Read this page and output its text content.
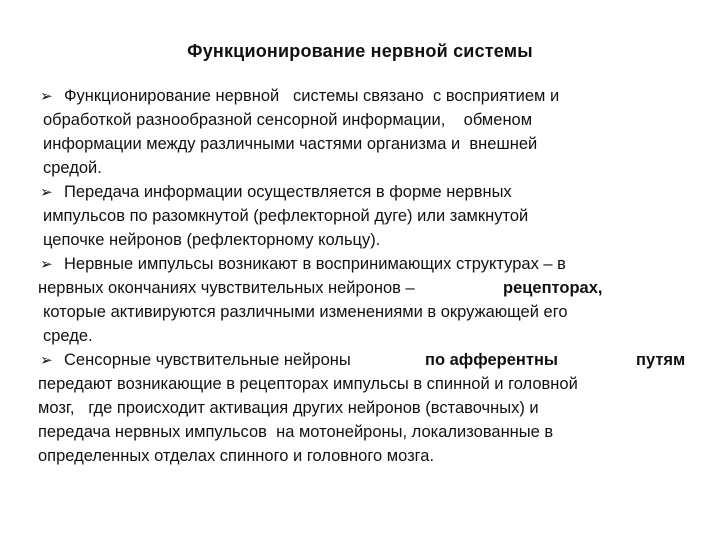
Функционирование нервной системы
➢ Функционирование нервной   системы связано  с восприятием и
обработкой разнообразной сенсорной информации,    обменом
информации между различными частями организма и  внешней
средой.
➢ Передача информации осуществляется в форме нервных
импульсов по разомкнутой (рефлекторной дуге) или замкнутой
цепочке нейронов (рефлекторному кольцу).
➢ Нервные импульсы возникают в воспринимающих структурах – в
нервных окончаниях чувствительных нейронов –	рецепторах,
которые активируются различными изменениями в окружающей его
среде.
➢ Сенсорные чувствительные нейроны	по афферентны	путям
передают возникающие в рецепторах импульсы в спинной и головной
мозг,   где происходит активация других нейронов (вставочных) и
передача нервных импульсов  на мотонейроны, локализованные в
определенных отделах спинного и головного мозга.
